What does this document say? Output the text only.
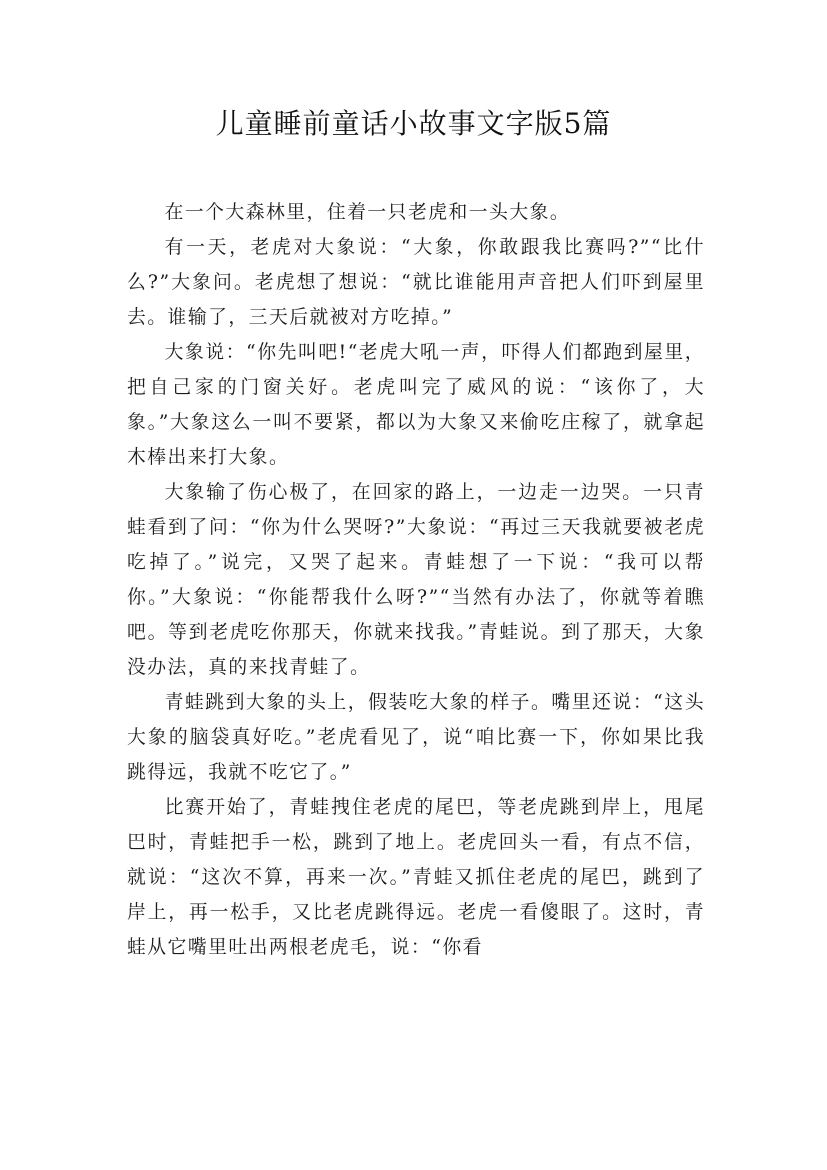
儿童睡前童话小故事文字版5篇

在一个大森林里，住着一只老虎和一头大象。

有一天，老虎对大象说：“大象，你敢跟我比赛吗?”“比什么?”大象问。老虎想了想说：“就比谁能用声音把人们吓到屋里去。谁输了，三天后就被对方吃掉。”

大象说：“你先叫吧!“老虎大吼一声，吓得人们都跑到屋里，把自己家的门窗关好。老虎叫完了威风的说：“该你了，大象。”大象这么一叫不要紧，都以为大象又来偷吃庄稼了，就拿起木棒出来打大象。

大象输了伤心极了，在回家的路上，一边走一边哭。一只青蛙看到了问：“你为什么哭呀?”大象说：“再过三天我就要被老虎吃掉了。”说完，又哭了起来。青蛙想了一下说：“我可以帮你。”大象说：“你能帮我什么呀?”“当然有办法了，你就等着瞧吧。等到老虎吃你那天，你就来找我。”青蛙说。到了那天，大象没办法，真的来找青蛙了。

青蛙跳到大象的头上，假装吃大象的样子。嘴里还说：“这头大象的脑袋真好吃。”老虎看见了，说“咱比赛一下，你如果比我跳得远，我就不吃它了。”

比赛开始了，青蛙拽住老虎的尾巴，等老虎跳到岸上，甩尾巴时，青蛙把手一松，跳到了地上。老虎回头一看，有点不信，就说：“这次不算，再来一次。”青蛙又抓住老虎的尾巴，跳到了岸上，再一松手，又比老虎跳得远。老虎一看傻眼了。这时，青蛙从它嘴里吐出两根老虎毛，说：“你看
